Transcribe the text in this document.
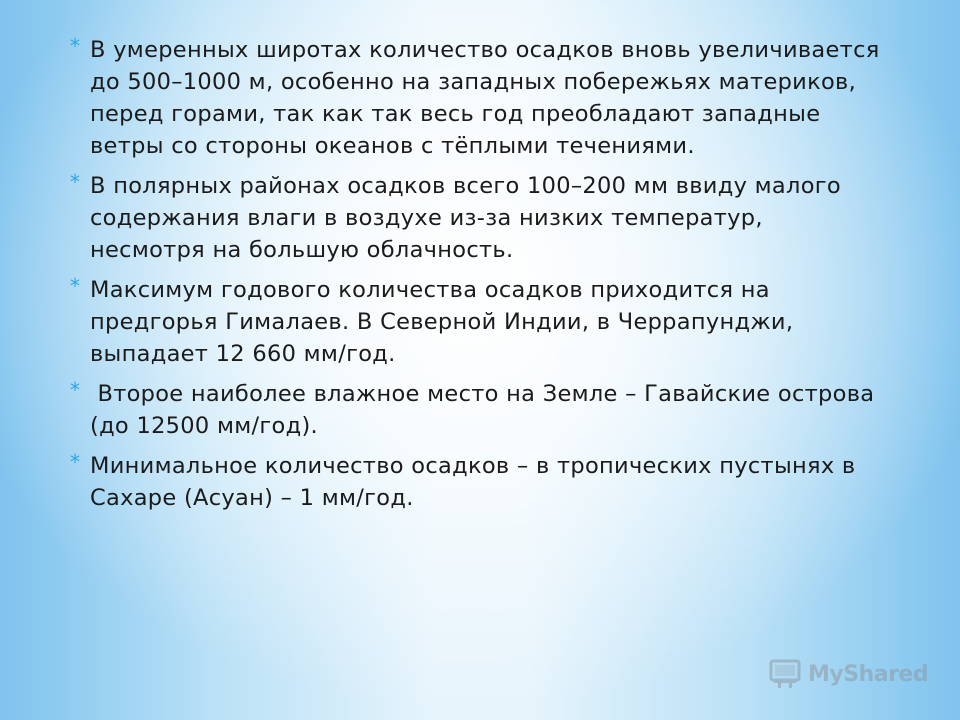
* В умеренных широтах количество осадков вновь увеличивается до 500–1000 м, особенно на западных побережьях материков, перед горами, так как так весь год преобладают западные ветры со стороны океанов с тёплыми течениями.
* В полярных районах осадков всего 100–200 мм ввиду малого содержания влаги в воздухе из-за низких температур, несмотря на большую облачность.
* Максимум годового количества осадков приходится на предгорья Гималаев. В Северной Индии, в Черрапунджи, выпадает 12 660 мм/год.
* Второе наиболее влажное место на Земле – Гавайские острова (до 12500 мм/год).
* Минимальное количество осадков – в тропических пустынях в Сахаре (Асуан) – 1 мм/год.
MyShared
